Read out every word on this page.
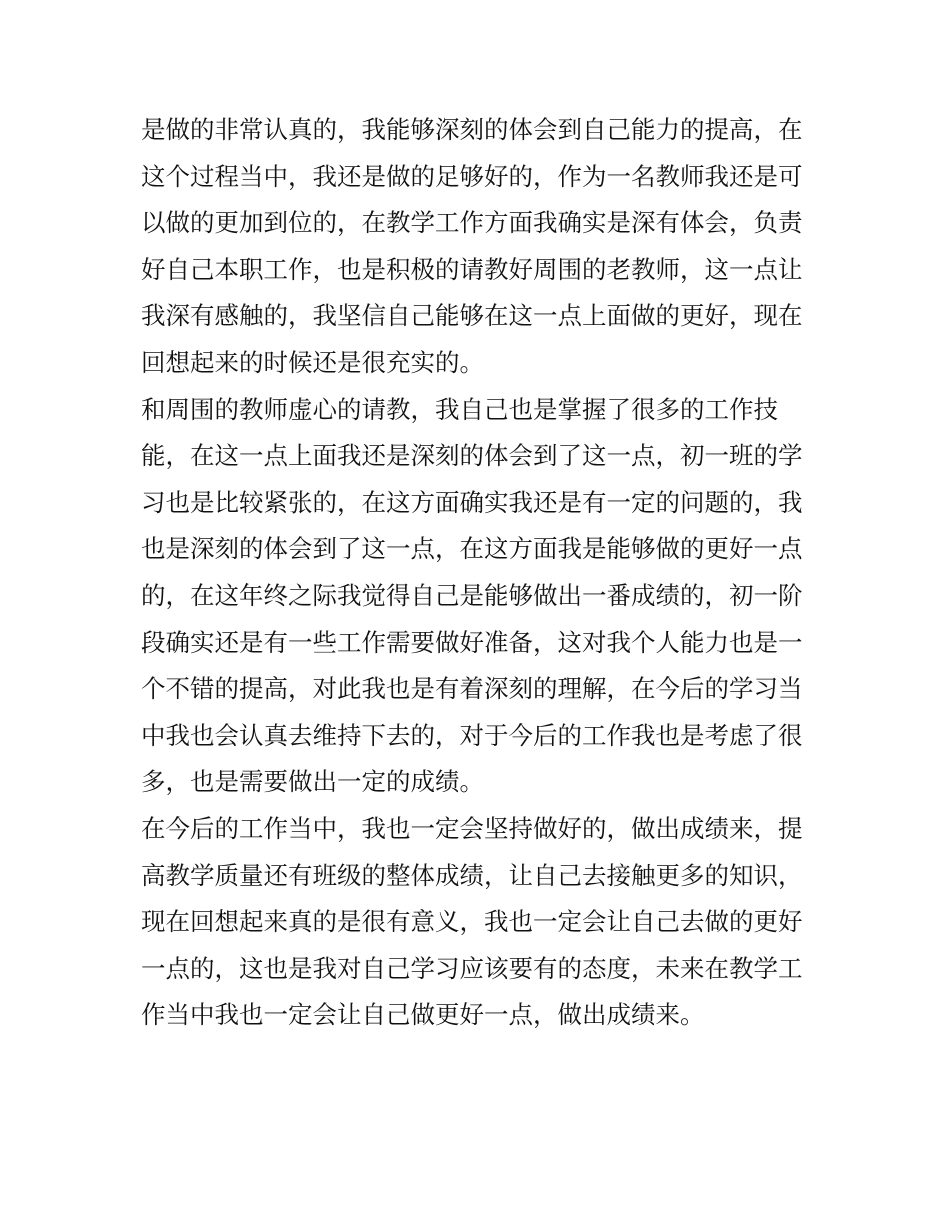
是做的非常认真的，我能够深刻的体会到自己能力的提高，在
这个过程当中，我还是做的足够好的，作为一名教师我还是可
以做的更加到位的，在教学工作方面我确实是深有体会，负责
好自己本职工作，也是积极的请教好周围的老教师，这一点让
我深有感触的，我坚信自己能够在这一点上面做的更好，现在
回想起来的时候还是很充实的。
和周围的教师虚心的请教，我自己也是掌握了很多的工作技
能，在这一点上面我还是深刻的体会到了这一点，初一班的学
习也是比较紧张的，在这方面确实我还是有一定的问题的，我
也是深刻的体会到了这一点，在这方面我是能够做的更好一点
的，在这年终之际我觉得自己是能够做出一番成绩的，初一阶
段确实还是有一些工作需要做好准备，这对我个人能力也是一
个不错的提高，对此我也是有着深刻的理解，在今后的学习当
中我也会认真去维持下去的，对于今后的工作我也是考虑了很
多，也是需要做出一定的成绩。
在今后的工作当中，我也一定会坚持做好的，做出成绩来，提
高教学质量还有班级的整体成绩，让自己去接触更多的知识，
现在回想起来真的是很有意义，我也一定会让自己去做的更好
一点的，这也是我对自己学习应该要有的态度，未来在教学工
作当中我也一定会让自己做更好一点，做出成绩来。
